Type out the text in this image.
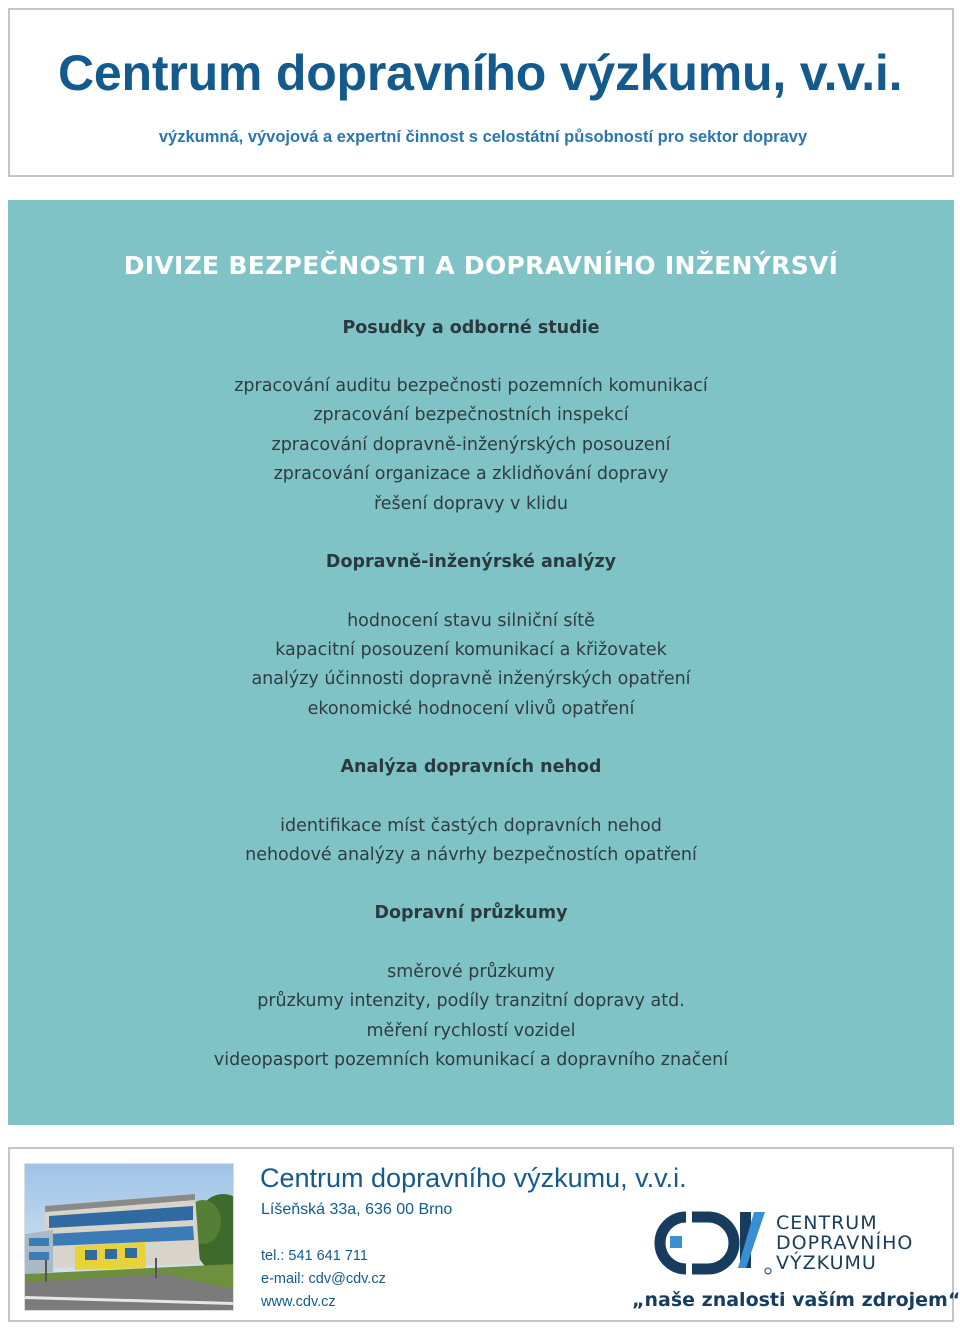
Centrum dopravního výzkumu, v.v.i.
výzkumná, vývojová a expertní činnost s celostátní působností pro sektor dopravy
DIVIZE BEZPEČNOSTI A DOPRAVNÍHO INŽENÝRSVÍ
Posudky a odborné studie
zpracování auditu bezpečnosti pozemních komunikací
zpracování bezpečnostních inspekcí
zpracování dopravně-inženýrských posouzení
zpracování organizace a zklidňování dopravy
řešení dopravy v klidu
Dopravně-inženýrské analýzy
hodnocení stavu silniční sítě
kapacitní posouzení komunikací a křižovatek
analýzy účinnosti dopravně inženýrských opatření
ekonomické hodnocení vlivů opatření
Analýza dopravních nehod
identifikace míst častých dopravních nehod
nehodové analýzy a návrhy bezpečnostích opatření
Dopravní průzkumy
směrové průzkumy
průzkumy intenzity, podíly tranzitní dopravy atd.
měření rychlostí vozidel
videopasport pozemních komunikací a dopravního značení
Centrum dopravního výzkumu, v.v.i.
Líšeňská 33a, 636 00 Brno
tel.: 541 641 711
e-mail: cdv@cdv.cz
www.cdv.cz
CENTRUM
DOPRAVNÍHO
VÝZKUMU
„naše znalosti vaším zdrojem“
